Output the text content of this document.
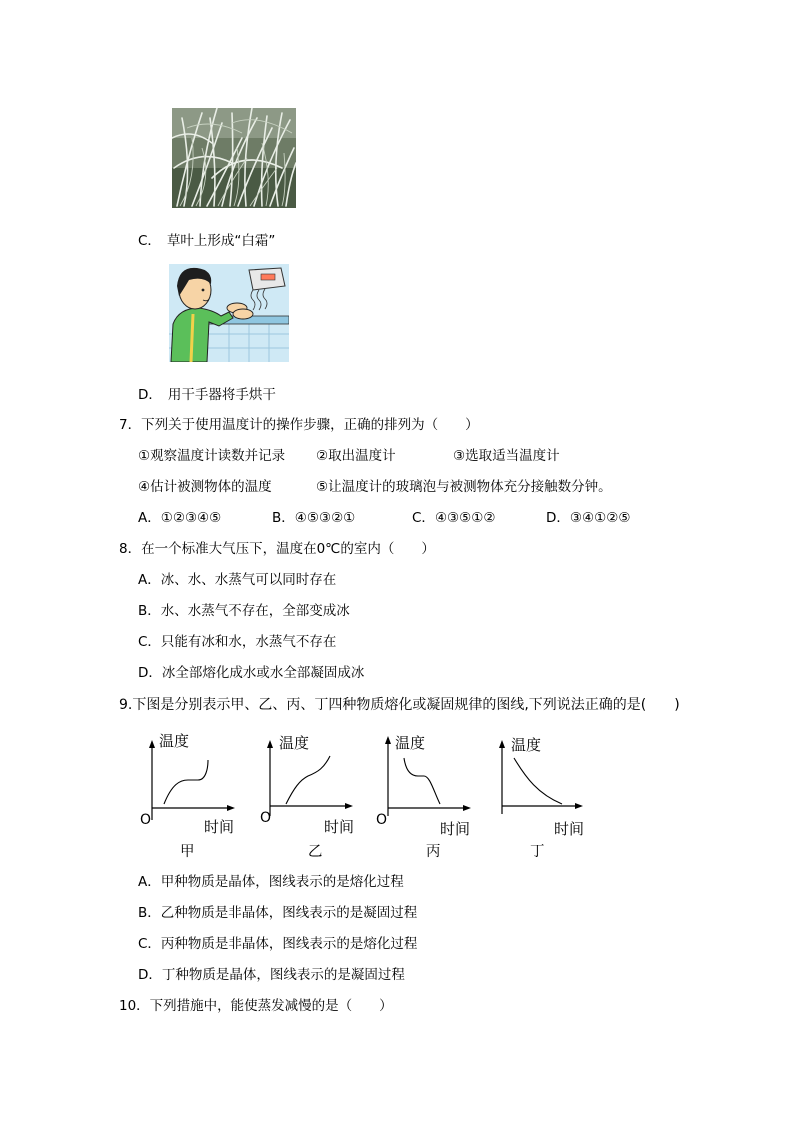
C． 草叶上形成“白霜”
D． 用干手器将手烘干
7．下列关于使用温度计的操作步骤，正确的排列为（　　）
①观察温度计读数并记录 ②取出温度计	③选取适当温度计
④估计被测物体的温度	⑤让温度计的玻璃泡与被测物体充分接触数分钟。
A．①②③④⑤	B．④⑤③②①	C．④③⑤①②	D．③④①②⑤
8．在一个标准大气压下，温度在0℃的室内（　　）
A．冰、水、水蒸气可以同时存在
B．水、水蒸气不存在，全部变成冰
C．只能有冰和水，水蒸气不存在
D．冰全部熔化成水或水全部凝固成冰
9.下图是分别表示甲、乙、丙、丁四种物质熔化或凝固规律的图线,下列说法正确的是(　　)
温度
O	时间
甲
温度
O	时间
乙
温度
O	时间
丙
温度
时间
丁
A．甲种物质是晶体，图线表示的是熔化过程
B．乙种物质是非晶体，图线表示的是凝固过程
C．丙种物质是非晶体，图线表示的是熔化过程
D．丁种物质是晶体，图线表示的是凝固过程
10．下列措施中，能使蒸发减慢的是（　　）
